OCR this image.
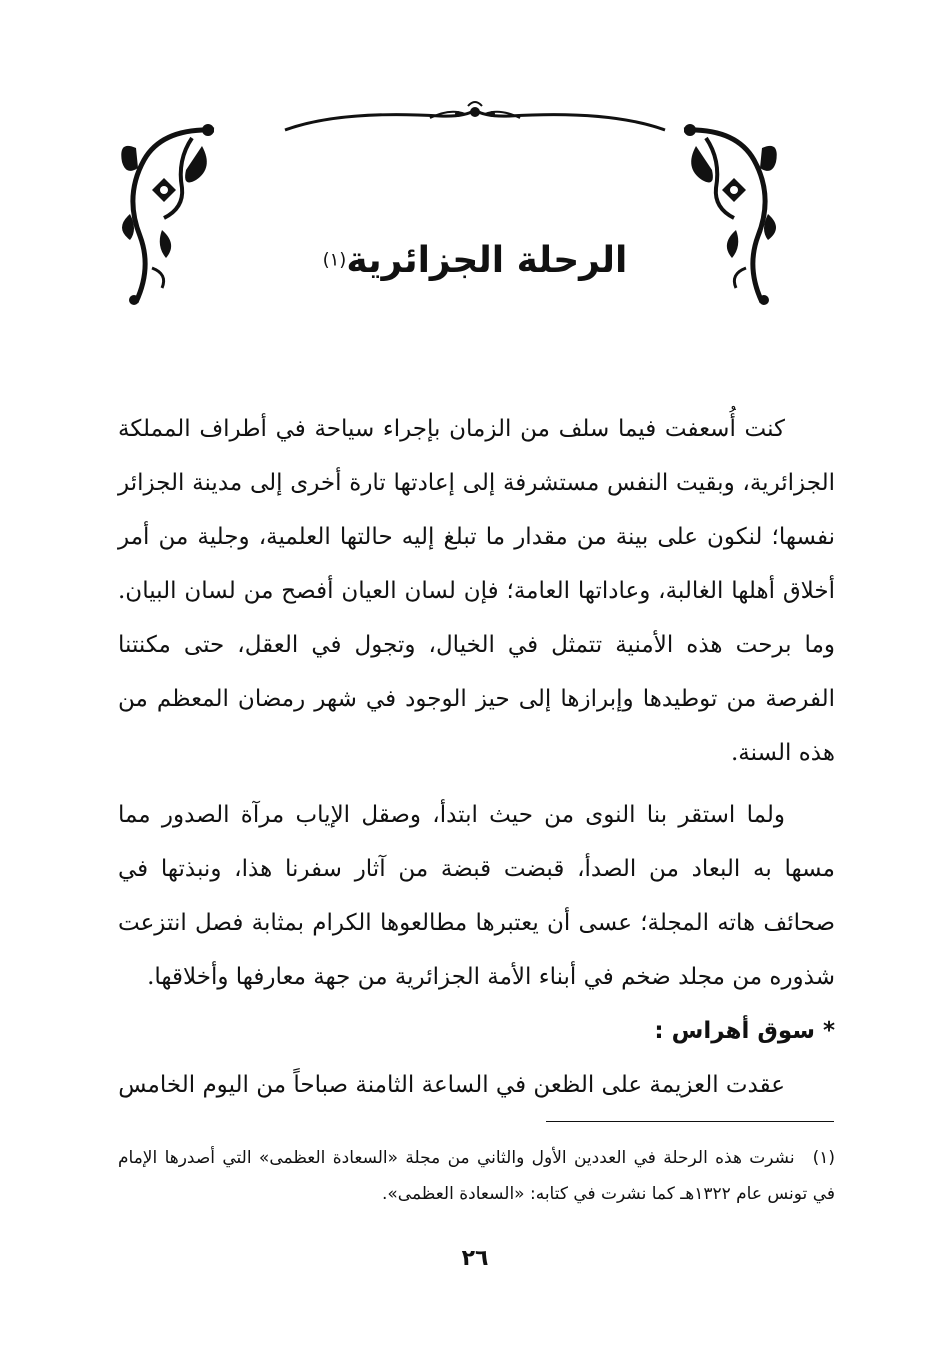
الرحلة الجزائرية(١)

كنت أُسعفت فيما سلف من الزمان بإجراء سياحة في أطراف المملكة الجزائرية، وبقيت النفس مستشرفة إلى إعادتها تارة أخرى إلى مدينة الجزائر نفسها؛ لنكون على بينة من مقدار ما تبلغ إليه حالتها العلمية، وجلية من أمر أخلاق أهلها الغالبة، وعاداتها العامة؛ فإن لسان العيان أفصح من لسان البيان. وما برحت هذه الأمنية تتمثل في الخيال، وتجول في العقل، حتى مكنتنا الفرصة من توطيدها وإبرازها إلى حيز الوجود في شهر رمضان المعظم من هذه السنة.

ولما استقر بنا النوى من حيث ابتدأ، وصقل الإياب مرآة الصدور مما مسها به البعاد من الصدأ، قبضت قبضة من آثار سفرنا هذا، ونبذتها في صحائف هاته المجلة؛ عسى أن يعتبرها مطالعوها الكرام بمثابة فصل انتزعت شذوره من مجلد ضخم في أبناء الأمة الجزائرية من جهة معارفها وأخلاقها.

*سوق أهراس :

عقدت العزيمة على الظعن في الساعة الثامنة صباحاً من اليوم الخامس

(١)نشرت هذه الرحلة في العددين الأول والثاني من مجلة «السعادة العظمى» التي أصدرها الإمام في تونس عام ١٣٢٢هـ كما نشرت في كتابه: «السعادة العظمى».

٢٦
